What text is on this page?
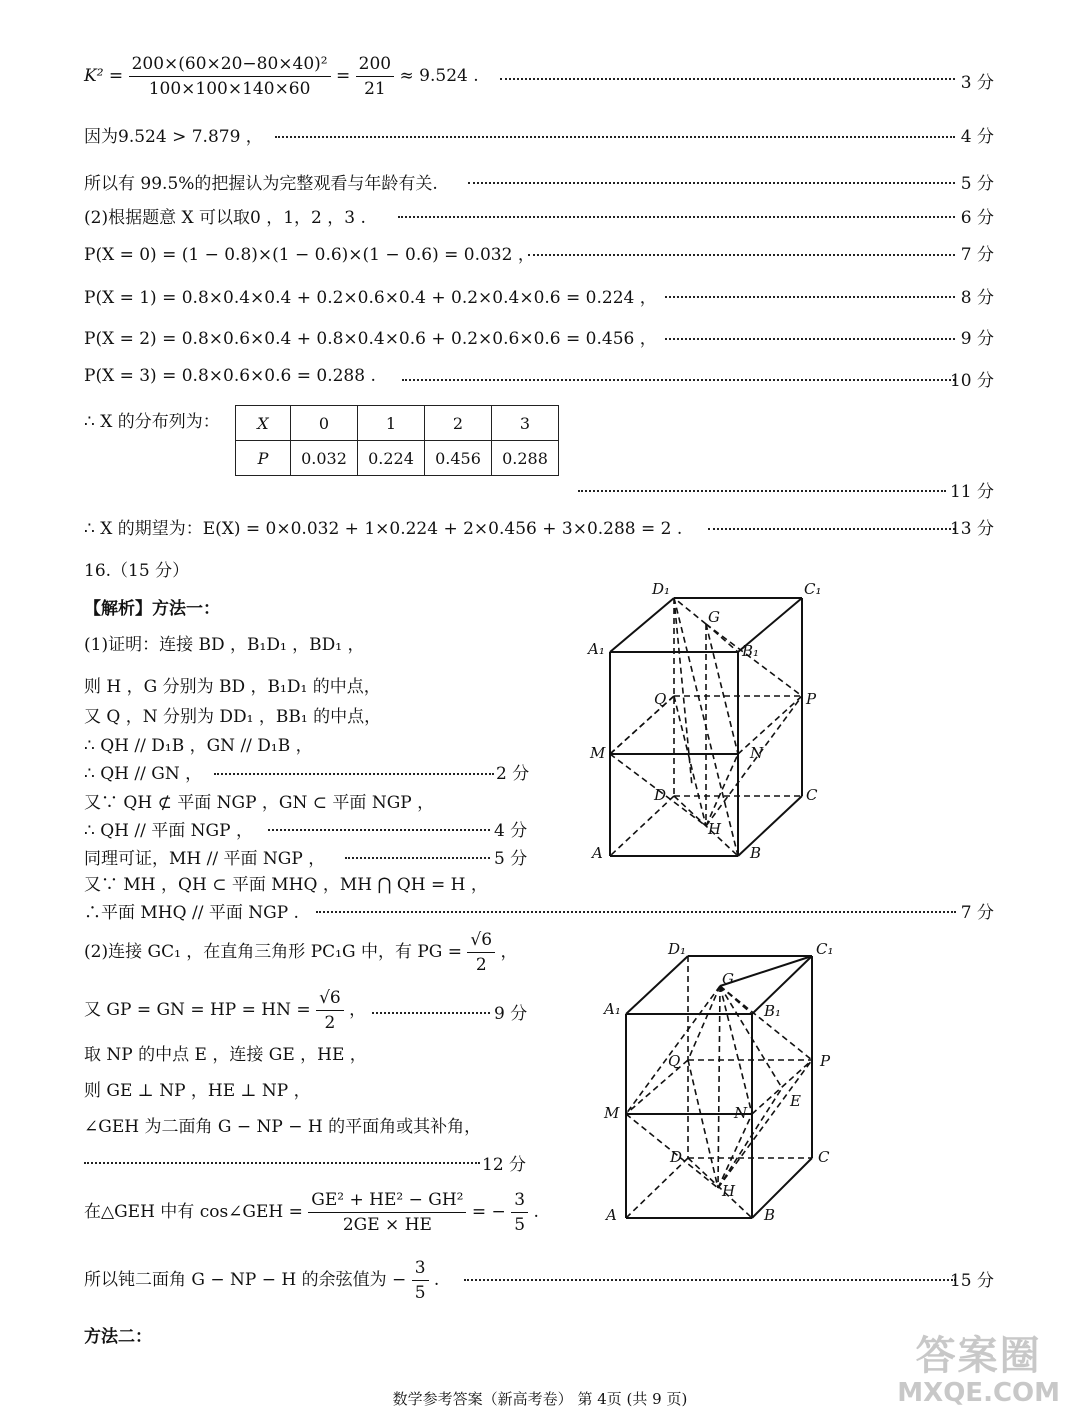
$K^2 = \frac{\text{200×(60×20−80×40)²}}{100\times 100\times 140\times 60} = \frac{200}{21} \approx 9.524$ .	3 分
因为9.524 > 7.879 ，	4 分
所以有 99.5%的把握认为完整观看与年龄有关.	5 分
(2)根据题意 X 可以取0 ，1，2 ，3 .	6 分
P(X = 0) = (1 − 0.8)×(1 − 0.6)×(1 − 0.6) = 0.032 ，	7 分
P(X = 1) = 0.8×0.4×0.4 + 0.2×0.6×0.4 + 0.2×0.4×0.6 = 0.224 ，	8 分
P(X = 2) = 0.8×0.6×0.4 + 0.8×0.4×0.6 + 0.2×0.6×0.6 = 0.456 ，	9 分
P(X = 3) = 0.8×0.6×0.6 = 0.288 .	10 分
∴ X 的分布列为： X	0	1	2	3
P	0.032	0.224	0.456	0.288
11 分
∴ X 的期望为：E(X) = 0×0.032 + 1×0.224 + 2×0.456 + 3×0.288 = 2 .	13 分
16.（15 分）
【解析】方法一：
(1)证明：连接 BD ，B₁D₁ ，BD₁ ，
则 H ，G 分别为 BD ，B₁D₁ 的中点，
又 Q ，N 分别为 DD₁ ，BB₁ 的中点，
∴ QH // D₁B ，GN // D₁B ，
∴ QH // GN ，	2 分
又∵ QH ⊄ 平面 NGP ，GN ⊂ 平面 NGP ，
∴ QH // 平面 NGP ，	4 分
同理可证，MH // 平面 NGP ，	5 分
又∵ MH ，QH ⊂ 平面 MHQ ，MH ⋂ QH = H ，
∴平面 MHQ // 平面 NGP .	7 分
(2)连接 GC₁ ，在直角三角形 PC₁G 中，有 PG = $\frac{√6}{2}$ ，
又 GP = GN = HP = HN = $\frac{√6}{2}$ ，	9 分
取 NP 的中点 E ，连接 GE ，HE ，
则 GE ⊥ NP ，HE ⊥ NP ，
∠GEH 为二面角 G − NP − H 的平面角或其补角，
12 分
在△GEH 中有 cos∠GEH = $\frac{\text{GE² + HE² − GH²}}{2GE \times HE}$ = − $\frac{3}{5}$ .
所以钝二面角 G − NP − H 的余弦值为 − $\frac{3}{5}$ .	15 分
方法二：
D₁	C₁
A₁	B₁
G
P
Q
M	N
D	C
H
A	B
D₁	C₁
A₁	B₁
G
P
Q
M	N
E
D	C
H
A	B
数学参考答案（新高考卷） 第 4页 (共 9 页)
答案圈
MXQE.COM
